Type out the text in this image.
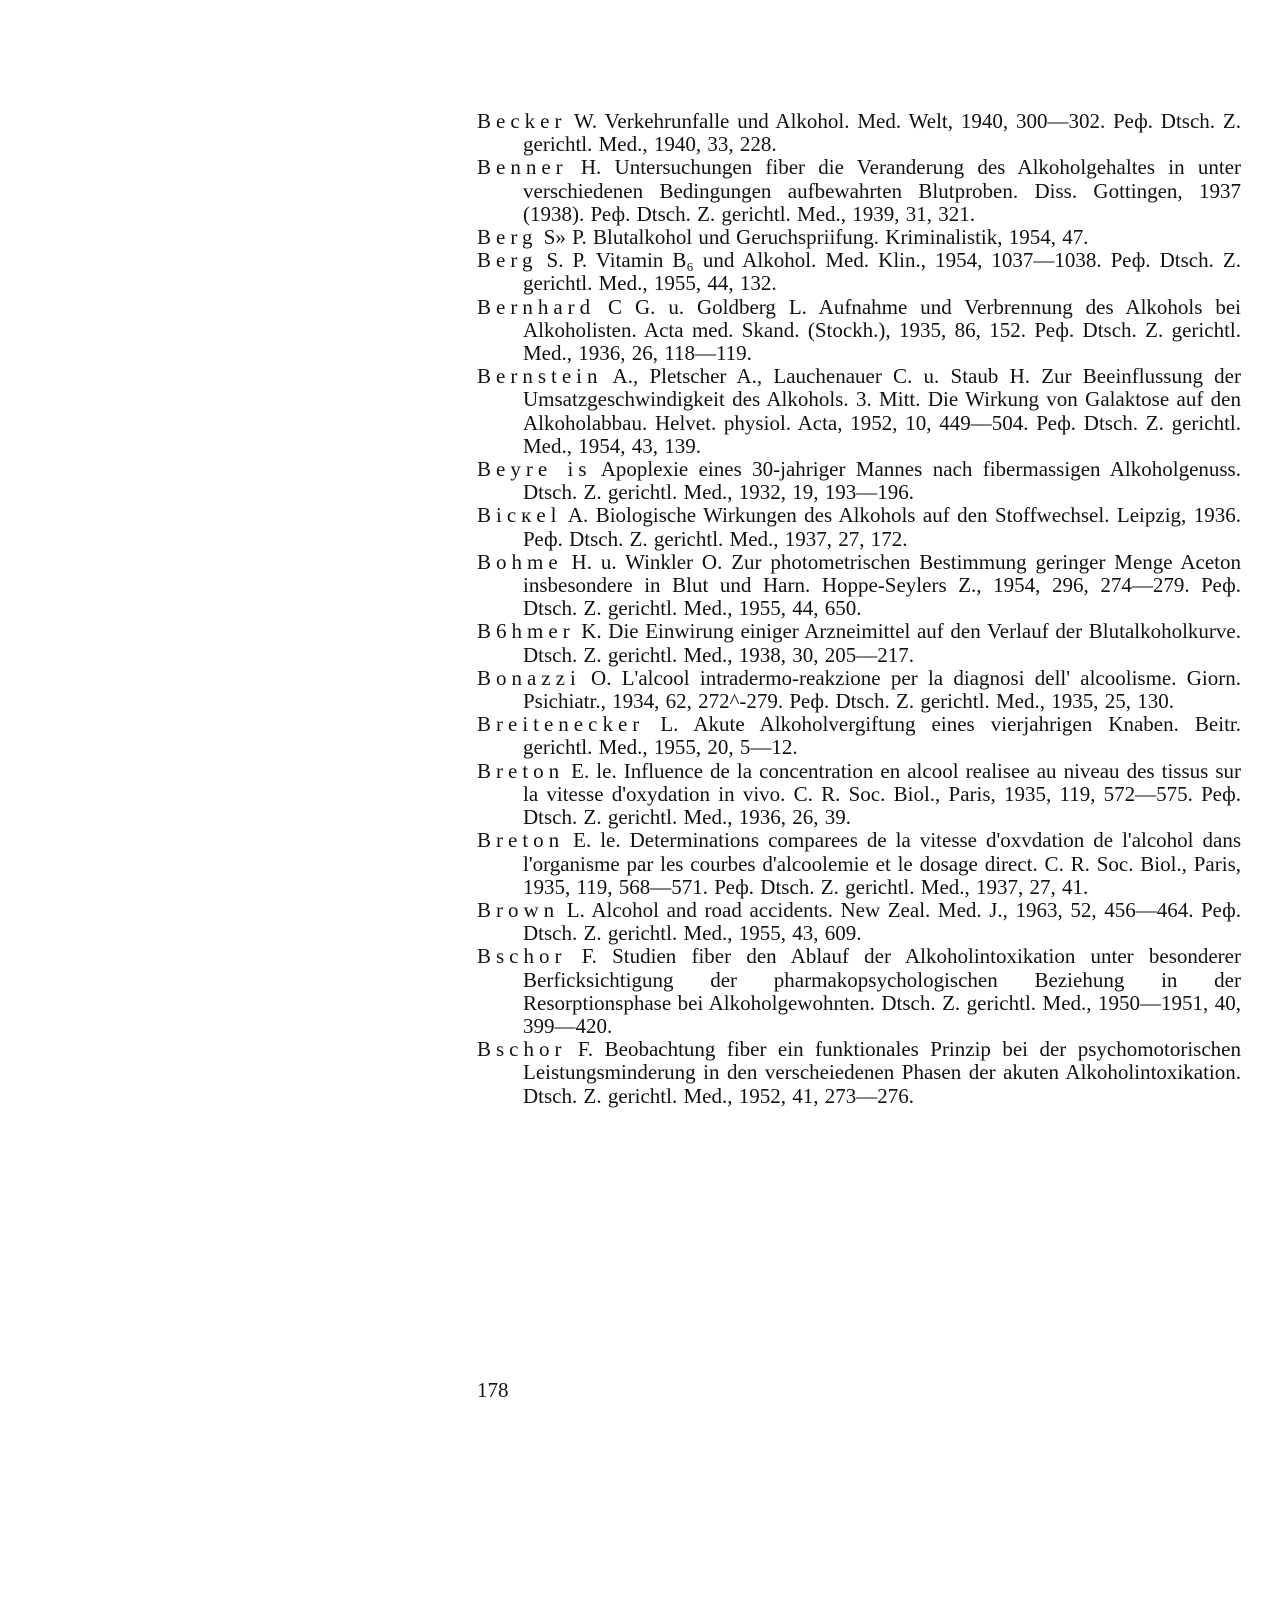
Becker W. Verkehrunfalle und Alkohol. Med. Welt, 1940, 300—302. Реф. Dtsch. Z. gerichtl. Med., 1940, 33, 228.

Benner H. Untersuchungen fiber die Veranderung des Alkoholgehaltes in unter verschiedenen Bedingungen aufbewahrten Blutproben. Diss. Gottingen, 1937 (1938). Реф. Dtsch. Z. gerichtl. Med., 1939, 31, 321.

Berg S» P. Blutalkohol und Geruchspriifung. Kriminalistik, 1954, 47.

Berg S. P. Vitamin B₆ und Alkohol. Med. Klin., 1954, 1037—1038. Реф. Dtsch. Z. gerichtl. Med., 1955, 44, 132.

Bernhard C G. u. Goldberg L. Aufnahme und Verbrennung des Alkohols bei Alkoholisten. Acta med. Skand. (Stockh.), 1935, 86, 152. Реф. Dtsch. Z. gerichtl. Med., 1936, 26, 118—119.

Bernstein A., Pletscher A., Lauchenauer C. u. Staub H. Zur Beeinflussung der Umsatzgeschwindigkeit des Alkohols. 3. Mitt. Die Wirkung von Galaktose auf den Alkoholabbau. Helvet. physiol. Acta, 1952, 10, 449—504. Реф. Dtsch. Z. gerichtl. Med., 1954, 43, 139.

Beyre is Apoplexie eines 30-jahriger Mannes nach fibermassigen Alkoholgenuss. Dtsch. Z. gerichtl. Med., 1932, 19, 193—196.

Bicкel A. Biologische Wirkungen des Alkohols auf den Stoffwechsel. Leipzig, 1936. Реф. Dtsch. Z. gerichtl. Med., 1937, 27, 172.

Bohme H. u. Winkler O. Zur photometrischen Bestimmung geringer Menge Aceton insbesondere in Blut und Harn. Hoppe-Seylers Z., 1954, 296, 274—279. Реф. Dtsch. Z. gerichtl. Med., 1955, 44, 650.

B6hmer K. Die Einwirung einiger Arzneimittel auf den Verlauf der Blutalkoholkurve. Dtsch. Z. gerichtl. Med., 1938, 30, 205—217.

Bonazzi O. L'alcool intradermo-reakzione per la diagnosi dell' alcoolisme. Giorn. Psichiatr., 1934, 62, 272^-279. Реф. Dtsch. Z. gerichtl. Med., 1935, 25, 130.

Breitenecker L. Akute Alkoholvergiftung eines vierjahrigen Knaben. Beitr. gerichtl. Med., 1955, 20, 5—12.

Breton E. le. Influence de la concentration en alcool realisee au niveau des tissus sur la vitesse d'oxydation in vivo. C. R. Soc. Biol., Paris, 1935, 119, 572—575. Реф. Dtsch. Z. gerichtl. Med., 1936, 26, 39.

Breton E. le. Determinations comparees de la vitesse d'oxvdation de l'alcohol dans l'organisme par les courbes d'alcoolemie et le dosage direct. C. R. Soc. Biol., Paris, 1935, 119, 568—571. Реф. Dtsch. Z. gerichtl. Med., 1937, 27, 41.

Brown L. Alcohol and road accidents. New Zeal. Med. J., 1963, 52, 456—464. Реф. Dtsch. Z. gerichtl. Med., 1955, 43, 609.

Bschor F. Studien fiber den Ablauf der Alkoholintoxikation unter besonderer Berficksichtigung der pharmakopsychologischen Beziehung in der Resorptionsphase bei Alkoholgewohnten. Dtsch. Z. gerichtl. Med., 1950—1951, 40, 399—420.

Bschor F. Beobachtung fiber ein funktionales Prinzip bei der psychomotorischen Leistungsminderung in den verscheiedenen Phasen der akuten Alkoholintoxikation. Dtsch. Z. gerichtl. Med., 1952, 41, 273—276.

178
